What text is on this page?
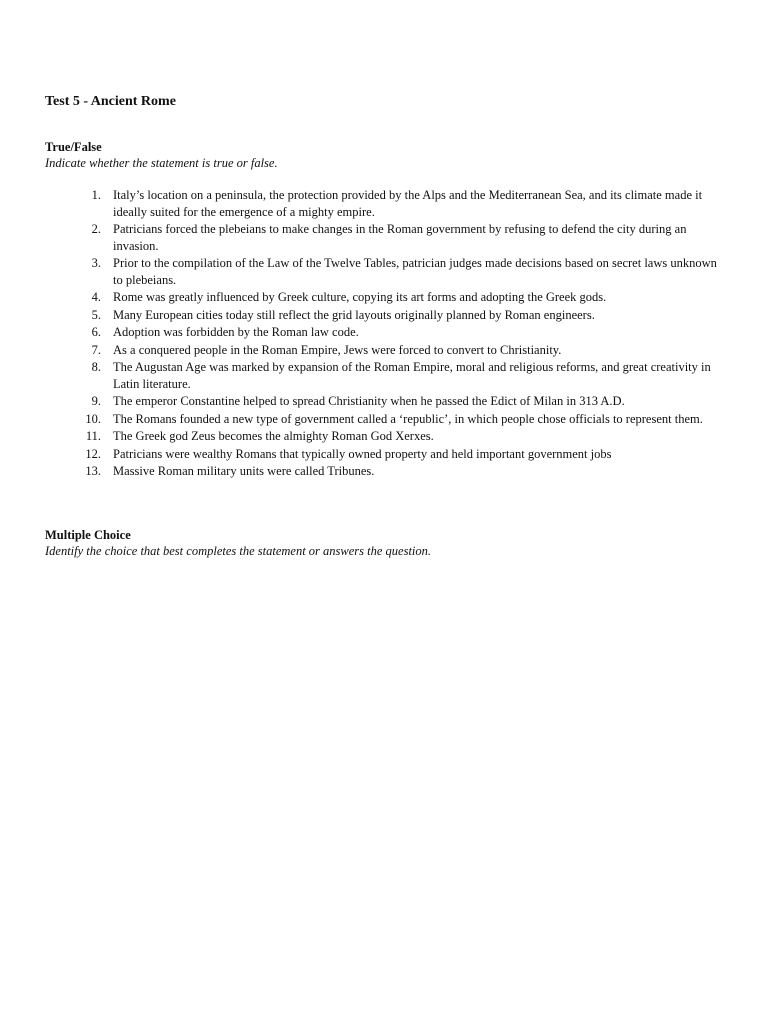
Test 5 - Ancient Rome
True/False

Indicate whether the statement is true or false.

1. Italy’s location on a peninsula, the protection provided by the Alps and the Mediterranean Sea, and its climate made it ideally suited for the emergence of a mighty empire.
2. Patricians forced the plebeians to make changes in the Roman government by refusing to defend the city during an invasion.
3. Prior to the compilation of the Law of the Twelve Tables, patrician judges made decisions based on secret laws unknown to plebeians.
4. Rome was greatly influenced by Greek culture, copying its art forms and adopting the Greek gods.
5. Many European cities today still reflect the grid layouts originally planned by Roman engineers.
6. Adoption was forbidden by the Roman law code.
7. As a conquered people in the Roman Empire, Jews were forced to convert to Christianity.
8. The Augustan Age was marked by expansion of the Roman Empire, moral and religious reforms, and great creativity in Latin literature.
9. The emperor Constantine helped to spread Christianity when he passed the Edict of Milan in 313 A.D.
10. The Romans founded a new type of government called a ‘republic’, in which people chose officials to represent them.
11. The Greek god Zeus becomes the almighty Roman God Xerxes.
12. Patricians were wealthy Romans that typically owned property and held important government jobs
13. Massive Roman military units were called Tribunes.
Multiple Choice

Identify the choice that best completes the statement or answers the question.
